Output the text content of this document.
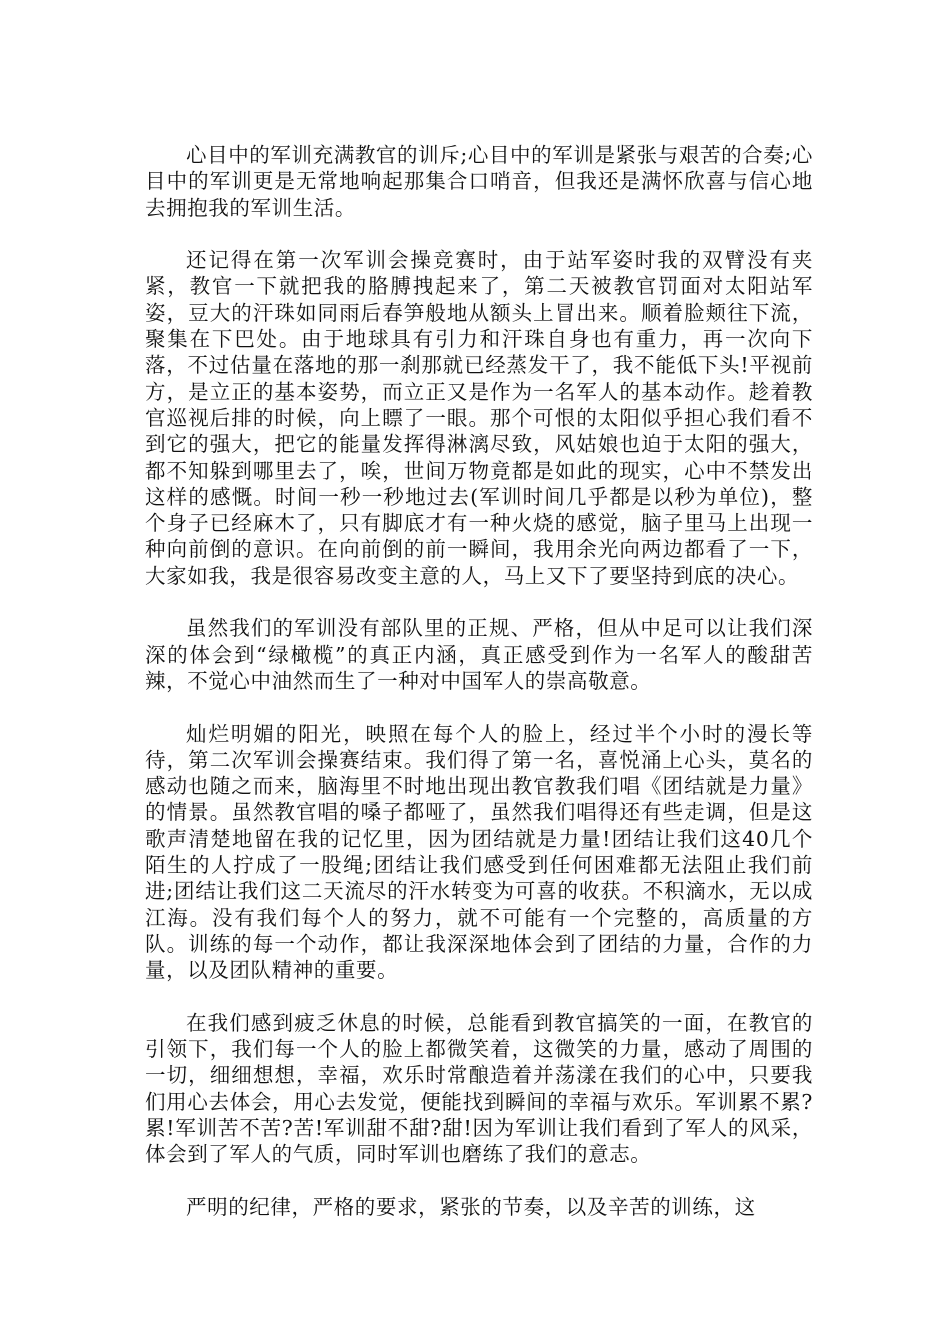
心目中的军训充满教官的训斥;心目中的军训是紧张与艰苦的合奏;心目中的军训更是无常地响起那集合口哨音，但我还是满怀欣喜与信心地去拥抱我的军训生活。

还记得在第一次军训会操竞赛时，由于站军姿时我的双臂没有夹紧，教官一下就把我的胳膊拽起来了，第二天被教官罚面对太阳站军姿，豆大的汗珠如同雨后春笋般地从额头上冒出来。顺着脸颊往下流，聚集在下巴处。由于地球具有引力和汗珠自身也有重力，再一次向下落，不过估量在落地的那一刹那就已经蒸发干了，我不能低下头!平视前方，是立正的基本姿势，而立正又是作为一名军人的基本动作。趁着教官巡视后排的时候，向上瞟了一眼。那个可恨的太阳似乎担心我们看不到它的强大，把它的能量发挥得淋漓尽致，风姑娘也迫于太阳的强大，都不知躲到哪里去了，唉，世间万物竟都是如此的现实，心中不禁发出这样的感慨。时间一秒一秒地过去(军训时间几乎都是以秒为单位)，整个身子已经麻木了，只有脚底才有一种火烧的感觉，脑子里马上出现一种向前倒的意识。在向前倒的前一瞬间，我用余光向两边都看了一下，大家如我，我是很容易改变主意的人，马上又下了要坚持到底的决心。

虽然我们的军训没有部队里的正规、严格，但从中足可以让我们深深的体会到“绿橄榄”的真正内涵，真正感受到作为一名军人的酸甜苦辣，不觉心中油然而生了一种对中国军人的崇高敬意。

灿烂明媚的阳光，映照在每个人的脸上，经过半个小时的漫长等待，第二次军训会操赛结束。我们得了第一名，喜悦涌上心头，莫名的感动也随之而来，脑海里不时地出现出教官教我们唱《团结就是力量》的情景。虽然教官唱的嗓子都哑了，虽然我们唱得还有些走调，但是这歌声清楚地留在我的记忆里，因为团结就是力量!团结让我们这40几个陌生的人拧成了一股绳;团结让我们感受到任何困难都无法阻止我们前进;团结让我们这二天流尽的汗水转变为可喜的收获。不积滴水，无以成江海。没有我们每个人的努力，就不可能有一个完整的，高质量的方队。训练的每一个动作，都让我深深地体会到了团结的力量，合作的力量，以及团队精神的重要。

在我们感到疲乏休息的时候，总能看到教官搞笑的一面，在教官的引领下，我们每一个人的脸上都微笑着，这微笑的力量，感动了周围的一切，细细想想，幸福，欢乐时常酿造着并荡漾在我们的心中，只要我们用心去体会，用心去发觉，便能找到瞬间的幸福与欢乐。军训累不累?累!军训苦不苦?苦!军训甜不甜?甜!因为军训让我们看到了军人的风采，体会到了军人的气质，同时军训也磨练了我们的意志。

严明的纪律，严格的要求，紧张的节奏，以及辛苦的训练，这
